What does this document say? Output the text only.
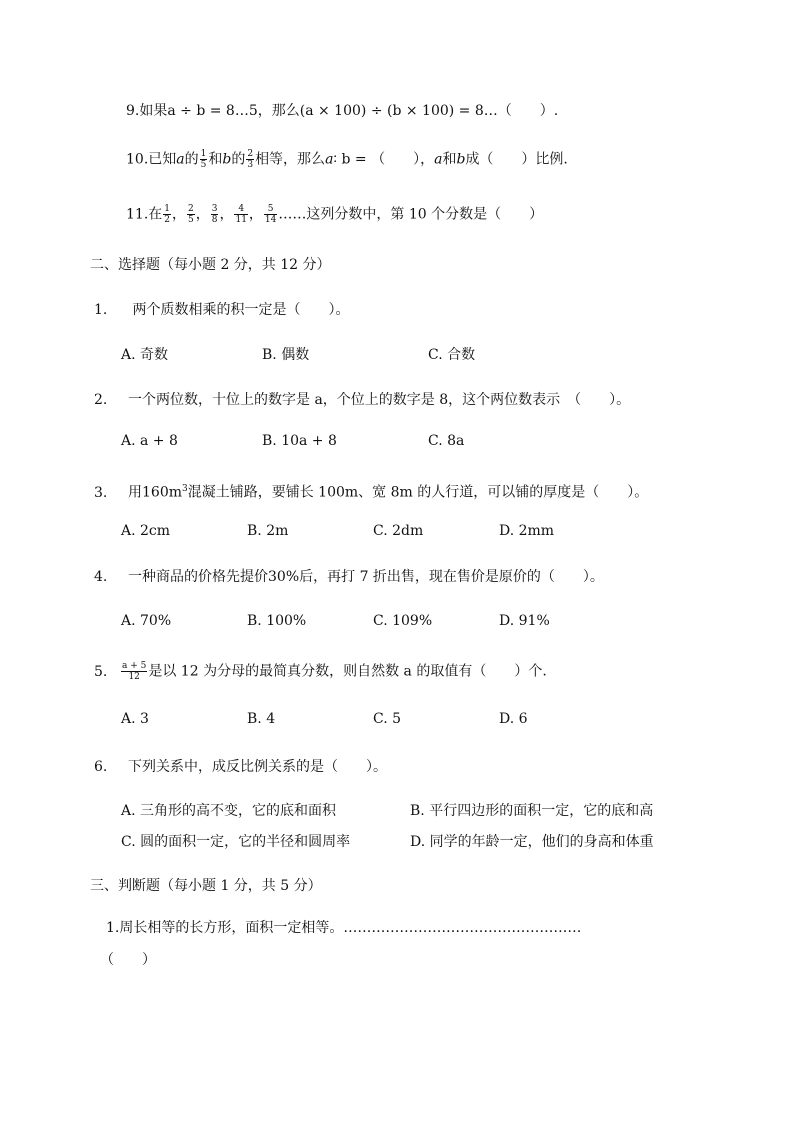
9.如果a ÷ b = 8…5，那么(a × 100) ÷ (b × 100) = 8…（　　）.
10.已知a的 $\frac{1}{5}$ 和b的 $\frac{2}{3}$ 相等，那么a∶ b = （　　），a和b成（　　）比例.
11.在 $\frac{1}{2}$ ， $\frac{2}{5}$ ， $\frac{3}{8}$ ， $\frac{4}{11}$ ， $\frac{5}{14}$ ……这列分数中，第 10 个分数是（　　）
二、选择题（每小题 2 分，共 12 分）
1. 两个质数相乘的积一定是（　　）。
A. 奇数	B. 偶数	C. 合数
2. 一个两位数，十位上的数字是 a，个位上的数字是 8，这个两位数表示　（　　）。
A. a + 8	B. 10a + 8	C. 8a
3. 用$160m^3$混凝土铺路，要铺长 100m、宽 8m 的人行道，可以铺的厚度是（　　）。
A. 2cm	B. 2m	C. 2dm	D. 2mm
4. 一种商品的价格先提价30%后，再打 7 折出售，现在售价是原价的（　　）。
A. 70%	B. 100%	C. 109%	D. 91%
5. $\frac{a + 5}{12}$ 是以 12 为分母的最简真分数，则自然数 a 的取值有（　　）个.
A. 3	B. 4	C. 5	D. 6
6. 下列关系中，成反比例关系的是（　　）。
A. 三角形的高不变，它的底和面积	B. 平行四边形的面积一定，它的底和高
C. 圆的面积一定，它的半径和圆周率	D. 同学的年龄一定，他们的身高和体重
三、判断题（每小题 1 分，共 5 分）
1.周长相等的长方形，面积一定相等。……………………………………………
（　　）
